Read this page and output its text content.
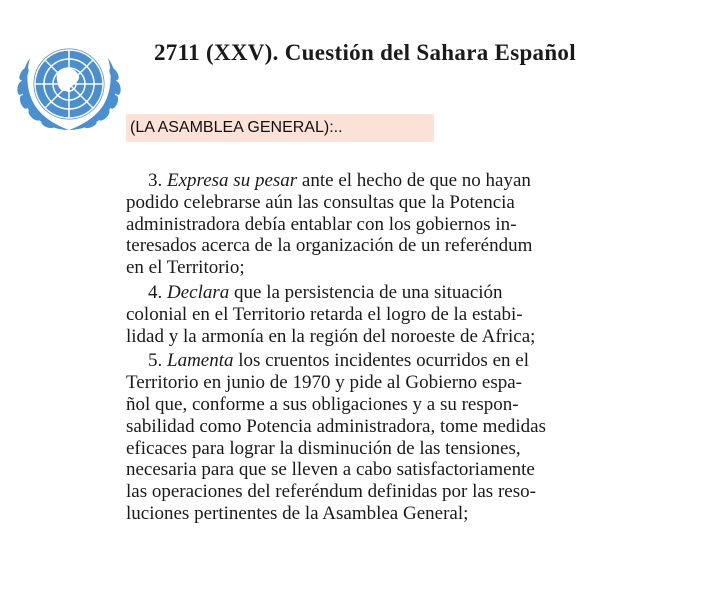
2711 (XXV). Cuestión del Sahara Español
(LA ASAMBLEA GENERAL):..

3. Expresa su pesar ante el hecho de que no hayan

podido celebrarse aún las consultas que la Potencia

administradora debía entablar con los gobiernos in-

teresados acerca de la organización de un referéndum

en el Territorio;

4. Declara que la persistencia de una situación

colonial en el Territorio retarda el logro de la estabi-

lidad y la armonía en la región del noroeste de Africa;

5. Lamenta los cruentos incidentes ocurridos en el

Territorio en junio de 1970 y pide al Gobierno espa-

ñol que, conforme a sus obligaciones y a su respon-

sabilidad como Potencia administradora, tome medidas

eficaces para lograr la disminución de las tensiones,

necesaria para que se lleven a cabo satisfactoriamente

las operaciones del referéndum definidas por las reso-

luciones pertinentes de la Asamblea General;
